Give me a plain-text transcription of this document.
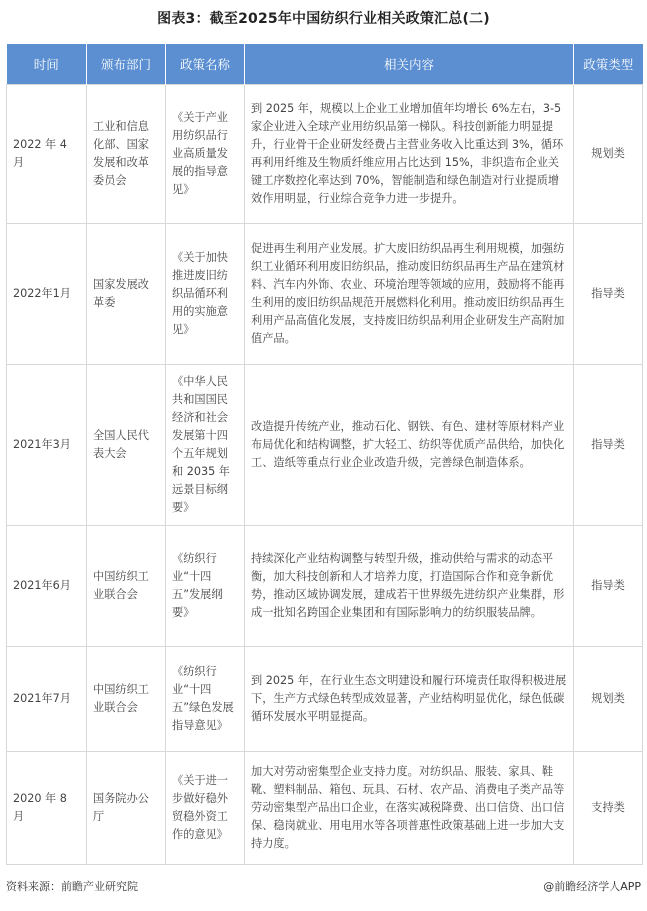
图表3：截至2025年中国纺织行业相关政策汇总(二)
时间	颁布部门	政策名称	相关内容	政策类型
2022 年 4 月	工业和信息化部、国家发展和改革委员会	《关于产业用纺织品行业高质量发展的指导意见》	到 2025 年，规模以上企业工业增加值年均增长 6%左右，3-5 家企业进入全球产业用纺织品第一梯队。科技创新能力明显提升，行业骨干企业研发经费占主营业务收入比重达到 3%，循环再利用纤维及生物质纤维应用占比达到 15%，非织造布企业关键工序数控化率达到 70%，智能制造和绿色制造对行业提质增效作用明显，行业综合竞争力进一步提升。	规划类
2022年1月	国家发展改革委	《关于加快推进废旧纺织品循环利用的实施意见》	促进再生利用产业发展。扩大废旧纺织品再生利用规模，加强纺织工业循环利用废旧纺织品，推动废旧纺织品再生产品在建筑材料、汽车内外饰、农业、环境治理等领域的应用，鼓励将不能再生利用的废旧纺织品规范开展燃料化利用。推动废旧纺织品再生利用产品高值化发展，支持废旧纺织品利用企业研发生产高附加值产品。	指导类
2021年3月	全国人民代表大会	《中华人民共和国国民经济和社会发展第十四个五年规划和 2035 年远景目标纲要》	改造提升传统产业，推动石化、钢铁、有色、建材等原材料产业布局优化和结构调整，扩大轻工、纺织等优质产品供给，加快化工、造纸等重点行业企业改造升级，完善绿色制造体系。	指导类
2021年6月	中国纺织工业联合会	《纺织行业“十四五”发展纲要》	持续深化产业结构调整与转型升级，推动供给与需求的动态平衡，加大科技创新和人才培养力度，打造国际合作和竞争新优势，推动区域协调发展，建成若干世界级先进纺织产业集群，形成一批知名跨国企业集团和有国际影响力的纺织服装品牌。	指导类
2021年7月	中国纺织工业联合会	《纺织行业“十四五”绿色发展指导意见》	到 2025 年，在行业生态文明建设和履行环境责任取得积极进展下，生产方式绿色转型成效显著，产业结构明显优化，绿色低碳循环发展水平明显提高。	规划类
2020 年 8 月	国务院办公厅	《关于进一步做好稳外贸稳外资工作的意见》	加大对劳动密集型企业支持力度。对纺织品、服装、家具、鞋靴、塑料制品、箱包、玩具、石材、农产品、消费电子类产品等劳动密集型产品出口企业，在落实减税降费、出口信贷、出口信保、稳岗就业、用电用水等各项普惠性政策基础上进一步加大支持力度。	支持类
资料来源：前瞻产业研究院	@前瞻经济学人APP
